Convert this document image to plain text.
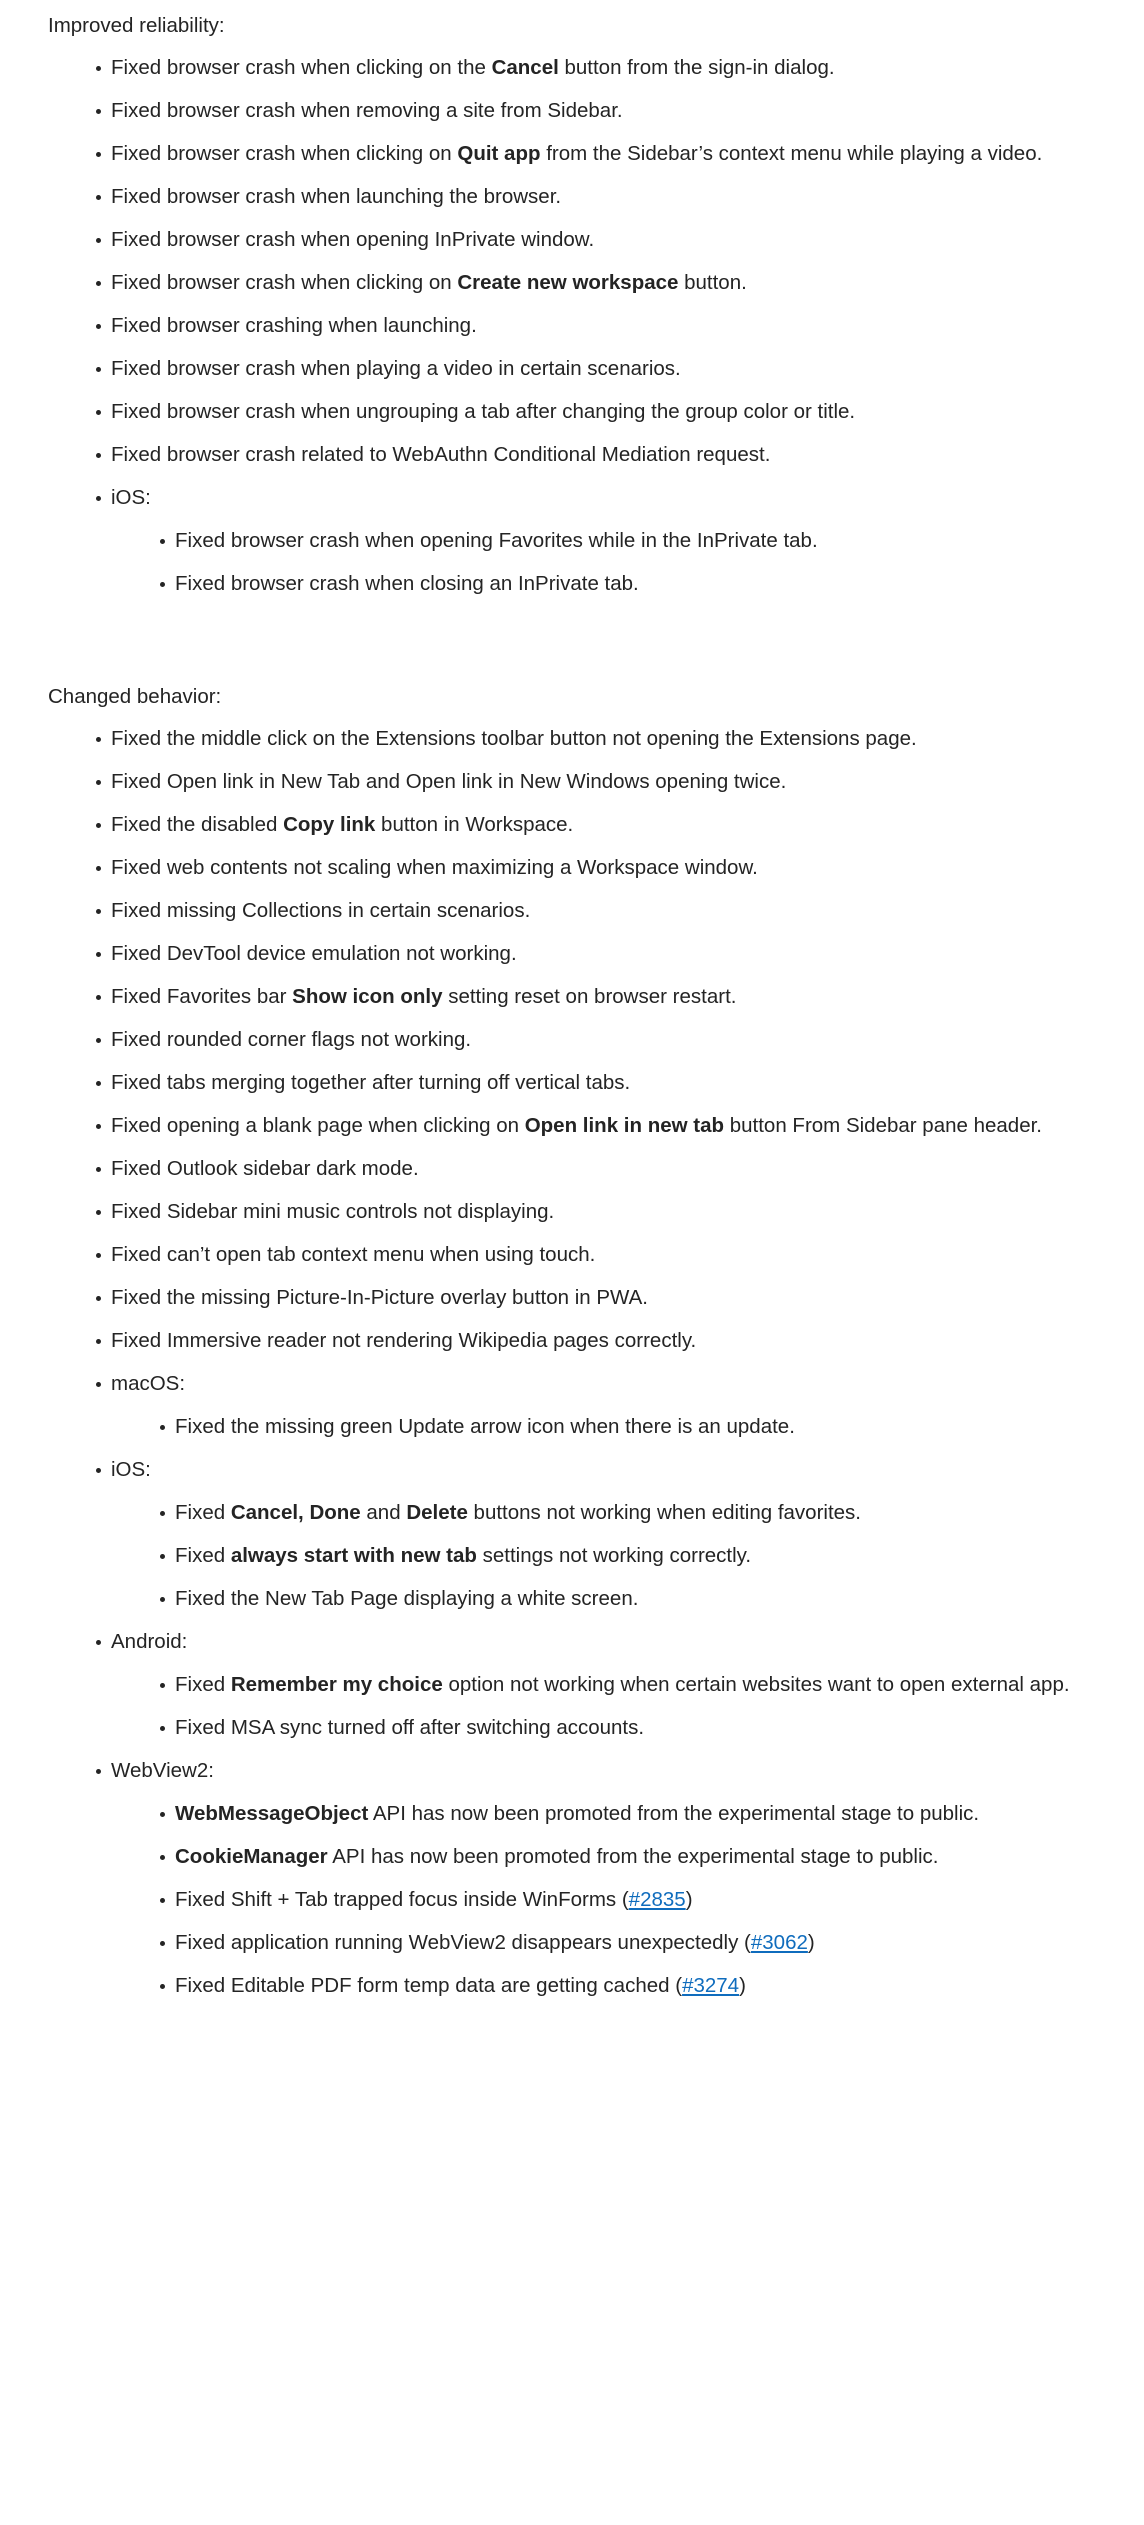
Improved reliability:

Fixed browser crash when clicking on the Cancel button from the sign-in dialog.
Fixed browser crash when removing a site from Sidebar.
Fixed browser crash when clicking on Quit app from the Sidebar’s context menu while playing a video.
Fixed browser crash when launching the browser.
Fixed browser crash when opening InPrivate window.
Fixed browser crash when clicking on Create new workspace button.
Fixed browser crashing when launching.
Fixed browser crash when playing a video in certain scenarios.
Fixed browser crash when ungrouping a tab after changing the group color or title.
Fixed browser crash related to WebAuthn Conditional Mediation request.
iOS:
Fixed browser crash when opening Favorites while in the InPrivate tab.
Fixed browser crash when closing an InPrivate tab.

Changed behavior:

Fixed the middle click on the Extensions toolbar button not opening the Extensions page.
Fixed Open link in New Tab and Open link in New Windows opening twice.
Fixed the disabled Copy link button in Workspace.
Fixed web contents not scaling when maximizing a Workspace window.
Fixed missing Collections in certain scenarios.
Fixed DevTool device emulation not working.
Fixed Favorites bar Show icon only setting reset on browser restart.
Fixed rounded corner flags not working.
Fixed tabs merging together after turning off vertical tabs.
Fixed opening a blank page when clicking on Open link in new tab button From Sidebar pane header.
Fixed Outlook sidebar dark mode.
Fixed Sidebar mini music controls not displaying.
Fixed can’t open tab context menu when using touch.
Fixed the missing Picture-In-Picture overlay button in PWA.
Fixed Immersive reader not rendering Wikipedia pages correctly.
macOS:
Fixed the missing green Update arrow icon when there is an update.
iOS:
Fixed Cancel, Done and Delete buttons not working when editing favorites.
Fixed always start with new tab settings not working correctly.
Fixed the New Tab Page displaying a white screen.
Android:
Fixed Remember my choice option not working when certain websites want to open external app.
Fixed MSA sync turned off after switching accounts.
WebView2:
WebMessageObject API has now been promoted from the experimental stage to public.
CookieManager API has now been promoted from the experimental stage to public.
Fixed Shift + Tab trapped focus inside WinForms (#2835)
Fixed application running WebView2 disappears unexpectedly (#3062)
Fixed Editable PDF form temp data are getting cached (#3274)
